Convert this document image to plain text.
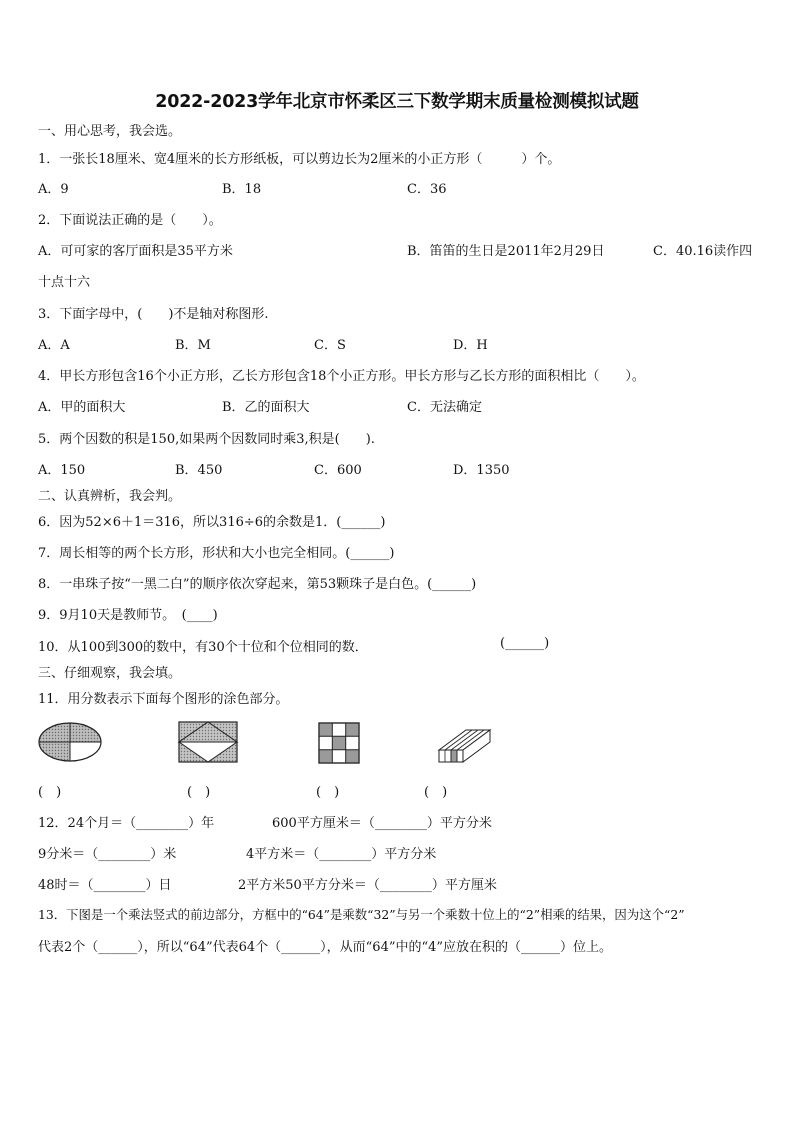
2022-2023学年北京市怀柔区三下数学期末质量检测模拟试题
一、用心思考，我会选。
1．一张长18厘米、宽4厘米的长方形纸板，可以剪边长为2厘米的小正方形（　　　）个。
A．9	B．18	C．36
2．下面说法正确的是（　　）。
A．可可家的客厅面积是35平方米	B．笛笛的生日是2011年2月29日	C．40.16读作四
十点十六
3．下面字母中，(　　)不是轴对称图形.
A．A	B．M	C．S	D．H
4．甲长方形包含16个小正方形，乙长方形包含18个小正方形。甲长方形与乙长方形的面积相比（　　）。
A．甲的面积大	B．乙的面积大	C．无法确定
5．两个因数的积是150,如果两个因数同时乘3,积是(　　).
A．150	B．450	C．600	D．1350
二、认真辨析，我会判。
6．因为52×6＋1＝316，所以316÷6的余数是1．(______)
7．周长相等的两个长方形，形状和大小也完全相同。(______)
8．一串珠子按“一黑二白”的顺序依次穿起来，第53颗珠子是白色。(______)
9．9月10天是教师节。　(____)
10．从100到300的数中，有30个十位和个位相同的数．	(______)
三、仔细观察，我会填。
11．用分数表示下面每个图形的涂色部分。
(　)	(　)	(　)	(　)
12．24个月＝（________）年	600平方厘米＝（________）平方分米
9分米＝（________）米	4平方米＝（________）平方分米
48时＝（________）日	2平方米50平方分米＝（________）平方厘米
13．下图是一个乘法竖式的前边部分，方框中的“64”是乘数“32”与另一个乘数十位上的“2”相乘的结果，因为这个“2”
代表2个（______），所以“64”代表64个（______），从而“64”中的“4”应放在积的（______）位上。
